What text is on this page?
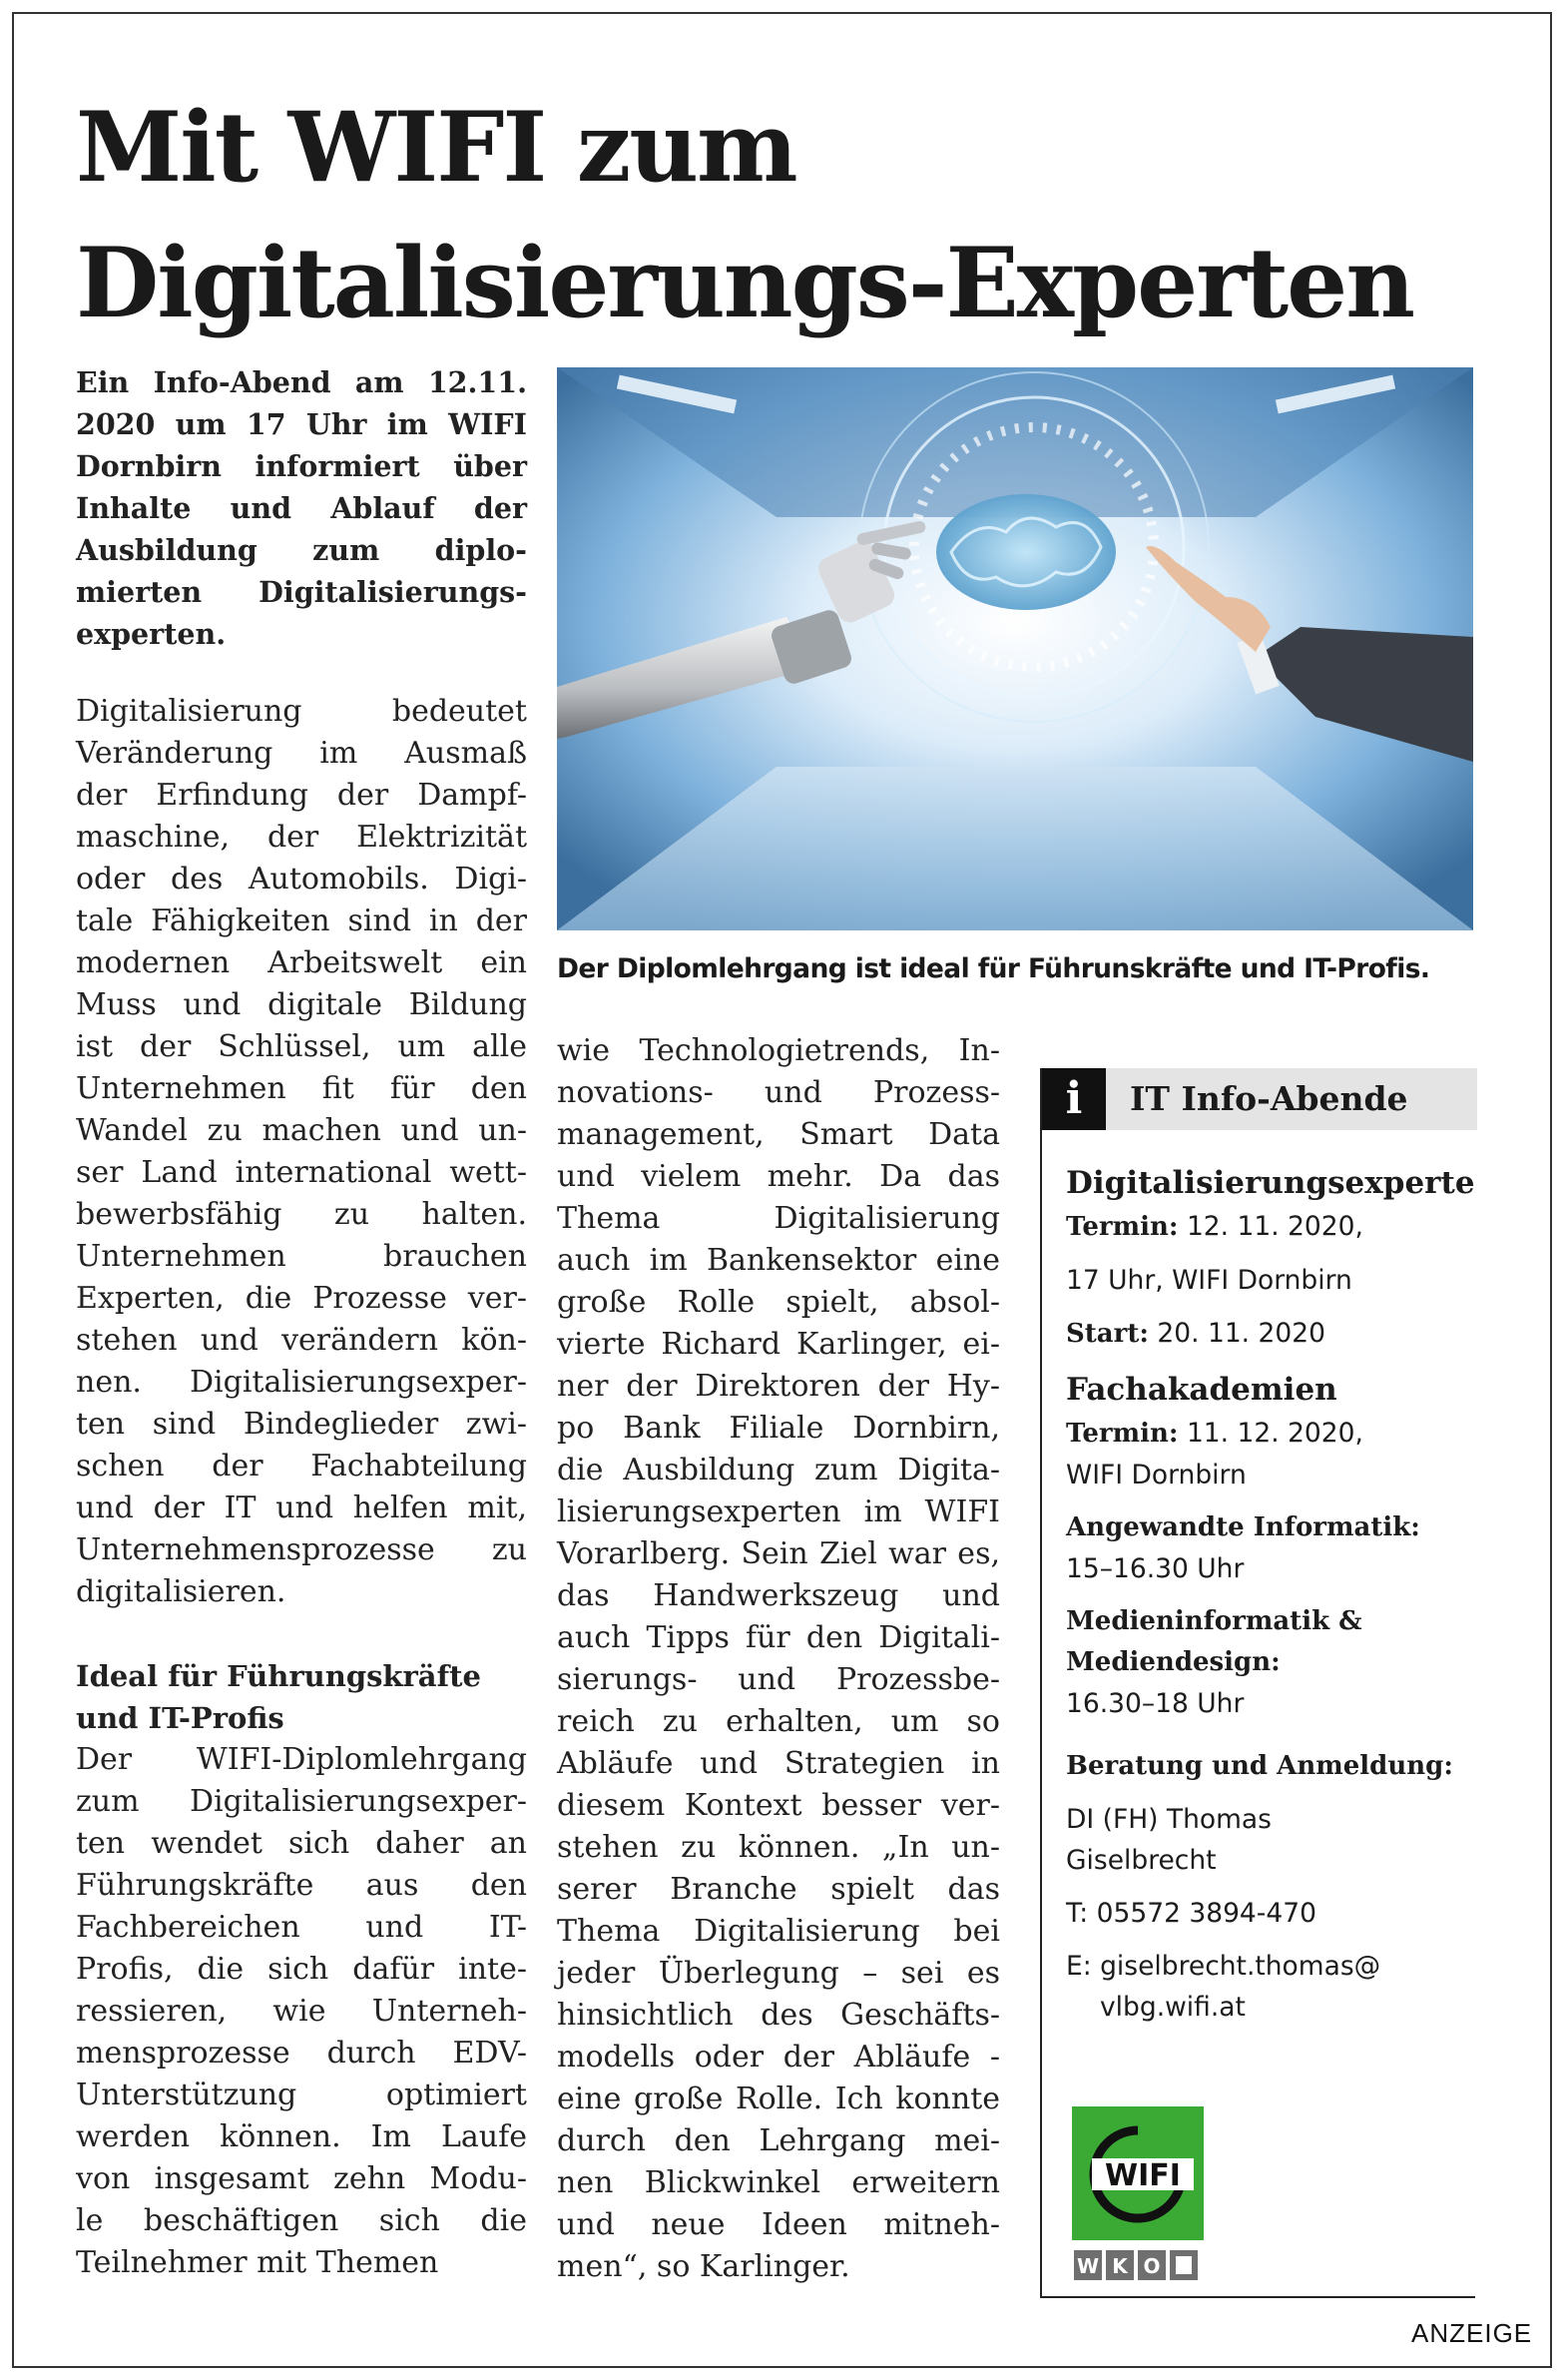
Mit WIFI zum
Digitalisierungs-Experten
Ein Info-Abend am 12.11.
2020 um 17 Uhr im WIFI
Dornbirn informiert über
Inhalte und Ablauf der
Ausbildung zum diplo-
mierten Digitalisierungs-
experten.

Digitalisierung bedeutet
Veränderung im Ausmaß
der Erfindung der Dampf-
maschine, der Elektrizität
oder des Automobils. Digi-
tale Fähigkeiten sind in der
modernen Arbeitswelt ein
Muss und digitale Bildung
ist der Schlüssel, um alle
Unternehmen fit für den
Wandel zu machen und un-
ser Land international wett-
bewerbsfähig zu halten.
Unternehmen brauchen
Experten, die Prozesse ver-
stehen und verändern kön-
nen. Digitalisierungsexper-
ten sind Bindeglieder zwi-
schen der Fachabteilung
und der IT und helfen mit,
Unternehmensprozesse zu
digitalisieren.

Ideal für Führungskräfte
und IT-Profis

Der WIFI-Diplomlehrgang
zum Digitalisierungsexper-
ten wendet sich daher an
Führungskräfte aus den
Fachbereichen und IT-
Profis, die sich dafür inte-
ressieren, wie Unterneh-
mensprozesse durch EDV-
Unterstützung optimiert
werden können. Im Laufe
von insgesamt zehn Modu-
le beschäftigen sich die
Teilnehmer mit Themen

wie Technologietrends, In-
novations- und Prozess-
management, Smart Data
und vielem mehr. Da das
Thema Digitalisierung
auch im Bankensektor eine
große Rolle spielt, absol-
vierte Richard Karlinger, ei-
ner der Direktoren der Hy-
po Bank Filiale Dornbirn,
die Ausbildung zum Digita-
lisierungsexperten im WIFI
Vorarlberg. Sein Ziel war es,
das Handwerkszeug und
auch Tipps für den Digitali-
sierungs- und Prozessbe-
reich zu erhalten, um so
Abläufe und Strategien in
diesem Kontext besser ver-
stehen zu können. „In un-
serer Branche spielt das
Thema Digitalisierung bei
jeder Überlegung – sei es
hinsichtlich des Geschäfts-
modells oder der Abläufe -
eine große Rolle. Ich konnte
durch den Lehrgang mei-
nen Blickwinkel erweitern
und neue Ideen mitneh-
men“, so Karlinger.

Der Diplomlehrgang ist ideal für Führunskräfte und IT-Profis.

i	IT Info-Abende
Digitalisierungsexperte
Termin: 12. 11. 2020,
17 Uhr, WIFI Dornbirn
Start: 20. 11. 2020
Fachakademien
Termin: 11. 12. 2020,
WIFI Dornbirn
Angewandte Informatik:
15–16.30 Uhr
Medieninformatik &
Mediendesign:
16.30–18 Uhr
Beratung und Anmeldung:
DI (FH) Thomas
Giselbrecht
T: 05572 3894-470
E: giselbrecht.thomas@
vlbg.wifi.at
WIFI
W K O
ANZEIGE
